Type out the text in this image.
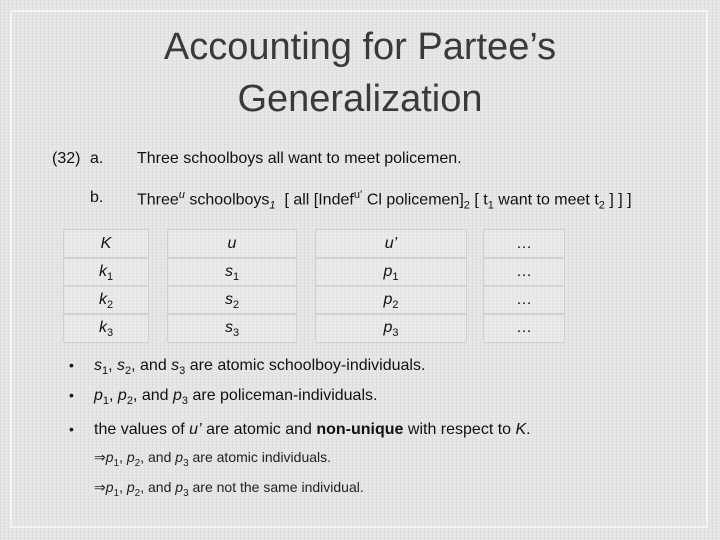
Accounting for Partee’s
Generalization
(32) a. Three schoolboys all want to meet policemen.
b. Three$^u$ schoolboys$_1$ [ all [Indef$^{u’}$ Cl $policemen]_2$ [ $t_1$ want to meet $t_2$ ] ] ]
K	u	u’	…
$k_1$	$s_1$	$p_1$	…
$k_2$	$s_2$	$p_2$	…
$k_3$	$s_3$	$p_3$	…
• $s_1$, $s_2$, and $s_3$ are atomic schoolboy-individuals.
• $p_1$, $p_2$, and $p_3$ are policeman-individuals.
• the values of u’ are atomic and non-unique with respect to K.
$\Rightarrow p_1$, $p_2$, and $p_3$ are atomic individuals.
$\Rightarrow p_1$, $p_2$, and $p_3$ are not the same individual.
